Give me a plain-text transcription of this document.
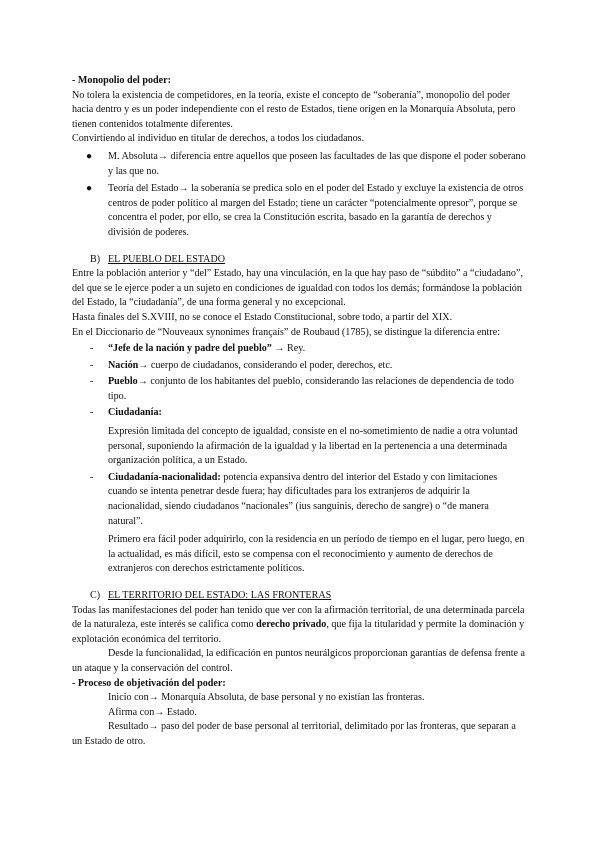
- Monopolio del poder:

No tolera la existencia de competidores, en la teoría, existe el concepto de “soberanía”, monopolio del poder hacia dentro y es un poder independiente con el resto de Estados, tiene origen en la Monarquía Absoluta, pero tienen contenidos totalmente diferentes.

Convirtiendo al individuo en titular de derechos, a todos los ciudadanos.

● M. Absoluta→ diferencia entre aquellos que poseen las facultades de las que dispone el poder soberano y las que no.
● Teoría del Estado→ la soberanía se predica solo en el poder del Estado y excluye la existencia de otros centros de poder político al margen del Estado; tiene un carácter “potencialmente opresor”, porque se concentra el poder, por ello, se crea la Constitución escrita, basado en la garantía de derechos y división de poderes.
B) EL PUEBLO DEL ESTADO

Entre la población anterior y “del” Estado, hay una vinculación, en la que hay paso de “súbdito” a “ciudadano”, del que se le ejerce poder a un sujeto en condiciones de igualdad con todos los demás; formándose la población del Estado, la “ciudadanía”, de una forma general y no excepcional.

Hasta finales del S.XVIII, no se conoce el Estado Constitucional, sobre todo, a partir del XIX.

En el Diccionario de “Nouveaux synonimes françaís” de Roubaud (1785), se distingue la diferencia entre:

- “Jefe de la nación y padre del pueblo” → Rey.
- Nación→ cuerpo de ciudadanos, considerando el poder, derechos, etc.
- Pueblo→ conjunto de los habitantes del pueblo, considerando las relaciones de dependencia de todo tipo.
- Ciudadanía:

Expresión limitada del concepto de igualdad, consiste en el no-sometimiento de nadie a otra voluntad personal, suponiendo la afirmación de la igualdad y la libertad en la pertenencia a una determinada organización política, a un Estado.

- Ciudadanía-nacionalidad: potencia expansiva dentro del interior del Estado y con limitaciones cuando se intenta penetrar desde fuera; hay dificultades para los extranjeros de adquirir la nacionalidad, siendo ciudadanos “nacionales” (ius sanguinis, derecho de sangre) o “de manera natural”.

Primero era fácil poder adquirirlo, con la residencia en un período de tiempo en el lugar, pero luego, en la actualidad, es más difícil, esto se compensa con el reconocimiento y aumento de derechos de extranjeros con derechos estrictamente políticos.

C) EL TERRITORIO DEL ESTADO: LAS FRONTERAS

Todas las manifestaciones del poder han tenido que ver con la afirmación territorial, de una determinada parcela de la naturaleza, este interés se califica como derecho privado, que fija la titularidad y permite la dominación y explotación económica del territorio.

Desde la funcionalidad, la edificación en puntos neurálgicos proporcionan garantías de defensa frente a un ataque y la conservación del control.

- Proceso de objetivación del poder:

Inicio con→ Monarquía Absoluta, de base personal y no existían las fronteras.

Afirma con→ Estado.

Resultado→ paso del poder de base personal al territorial, delimitado por las fronteras, que separan a un Estado de otro.
